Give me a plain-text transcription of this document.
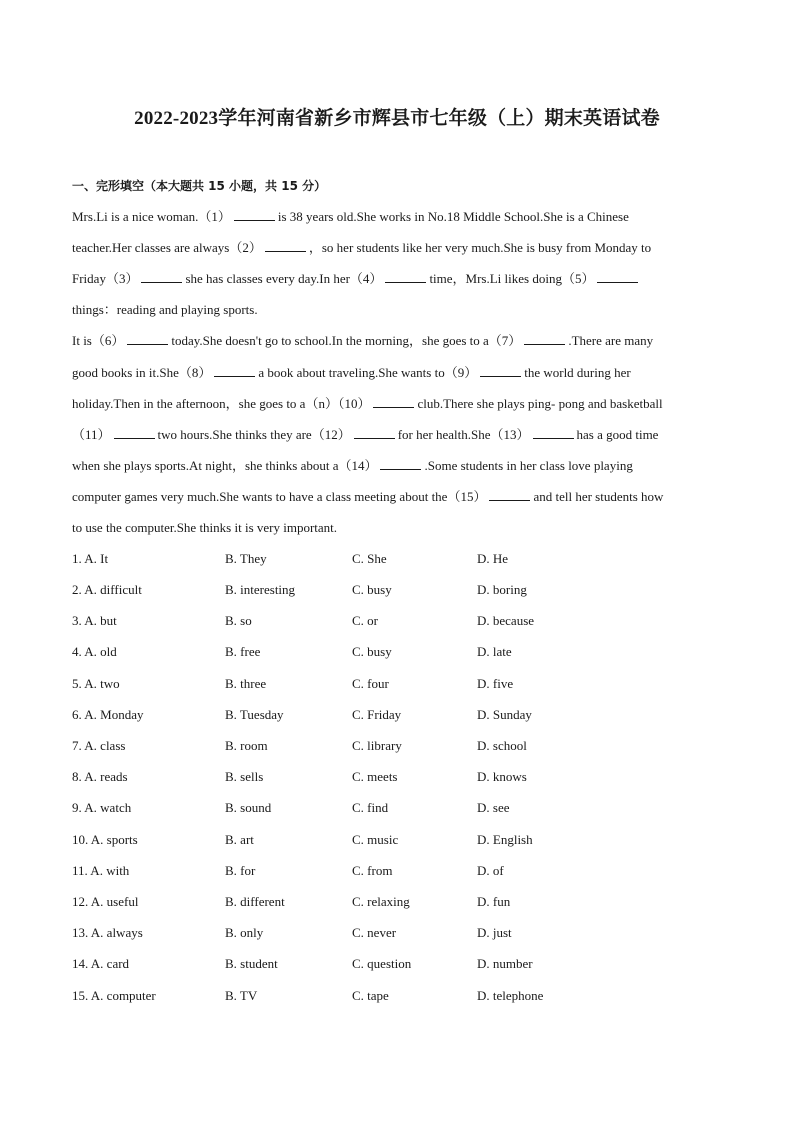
2022-2023学年河南省新乡市辉县市七年级（上）期末英语试卷
一、完形填空（本大题共 15 小题，共 15 分）
Mrs.Li is a nice woman.（1）	is 38 years old.She works in No.18 Middle School.She is a Chinese
teacher.Her classes are always（2）	，so her students like her very much.She is busy from Monday to
Friday（3）	she has classes every day.In her（4）	time，Mrs.Li likes doing（5）
things：reading and playing sports.
It is（6）	today.She doesn't go to school.In the morning，she goes to a（7）	.There are many
good books in it.She（8）	a book about traveling.She wants to（9）	the world during her
holiday.Then in the afternoon，she goes to a（n）（10）	club.There she plays ping- pong and basketball
（11）	two hours.She thinks they are（12）	for her health.She（13）	has a good time
when she plays sports.At night，she thinks about a（14）	.Some students in her class love playing
computer games very much.She wants to have a class meeting about the（15）	and tell her students how
to use the computer.She thinks it is very important.
1. A. It	B. They	C. She	D. He
2. A. difficult	B. interesting	C. busy	D. boring
3. A. but	B. so	C. or	D. because
4. A. old	B. free	C. busy	D. late
5. A. two	B. three	C. four	D. five
6. A. Monday	B. Tuesday	C. Friday	D. Sunday
7. A. class	B. room	C. library	D. school
8. A. reads	B. sells	C. meets	D. knows
9. A. watch	B. sound	C. find	D. see
10. A. sports	B. art	C. music	D. English
11. A. with	B. for	C. from	D. of
12. A. useful	B. different	C. relaxing	D. fun
13. A. always	B. only	C. never	D. just
14. A. card	B. student	C. question	D. number
15. A. computer	B. TV	C. tape	D. telephone
